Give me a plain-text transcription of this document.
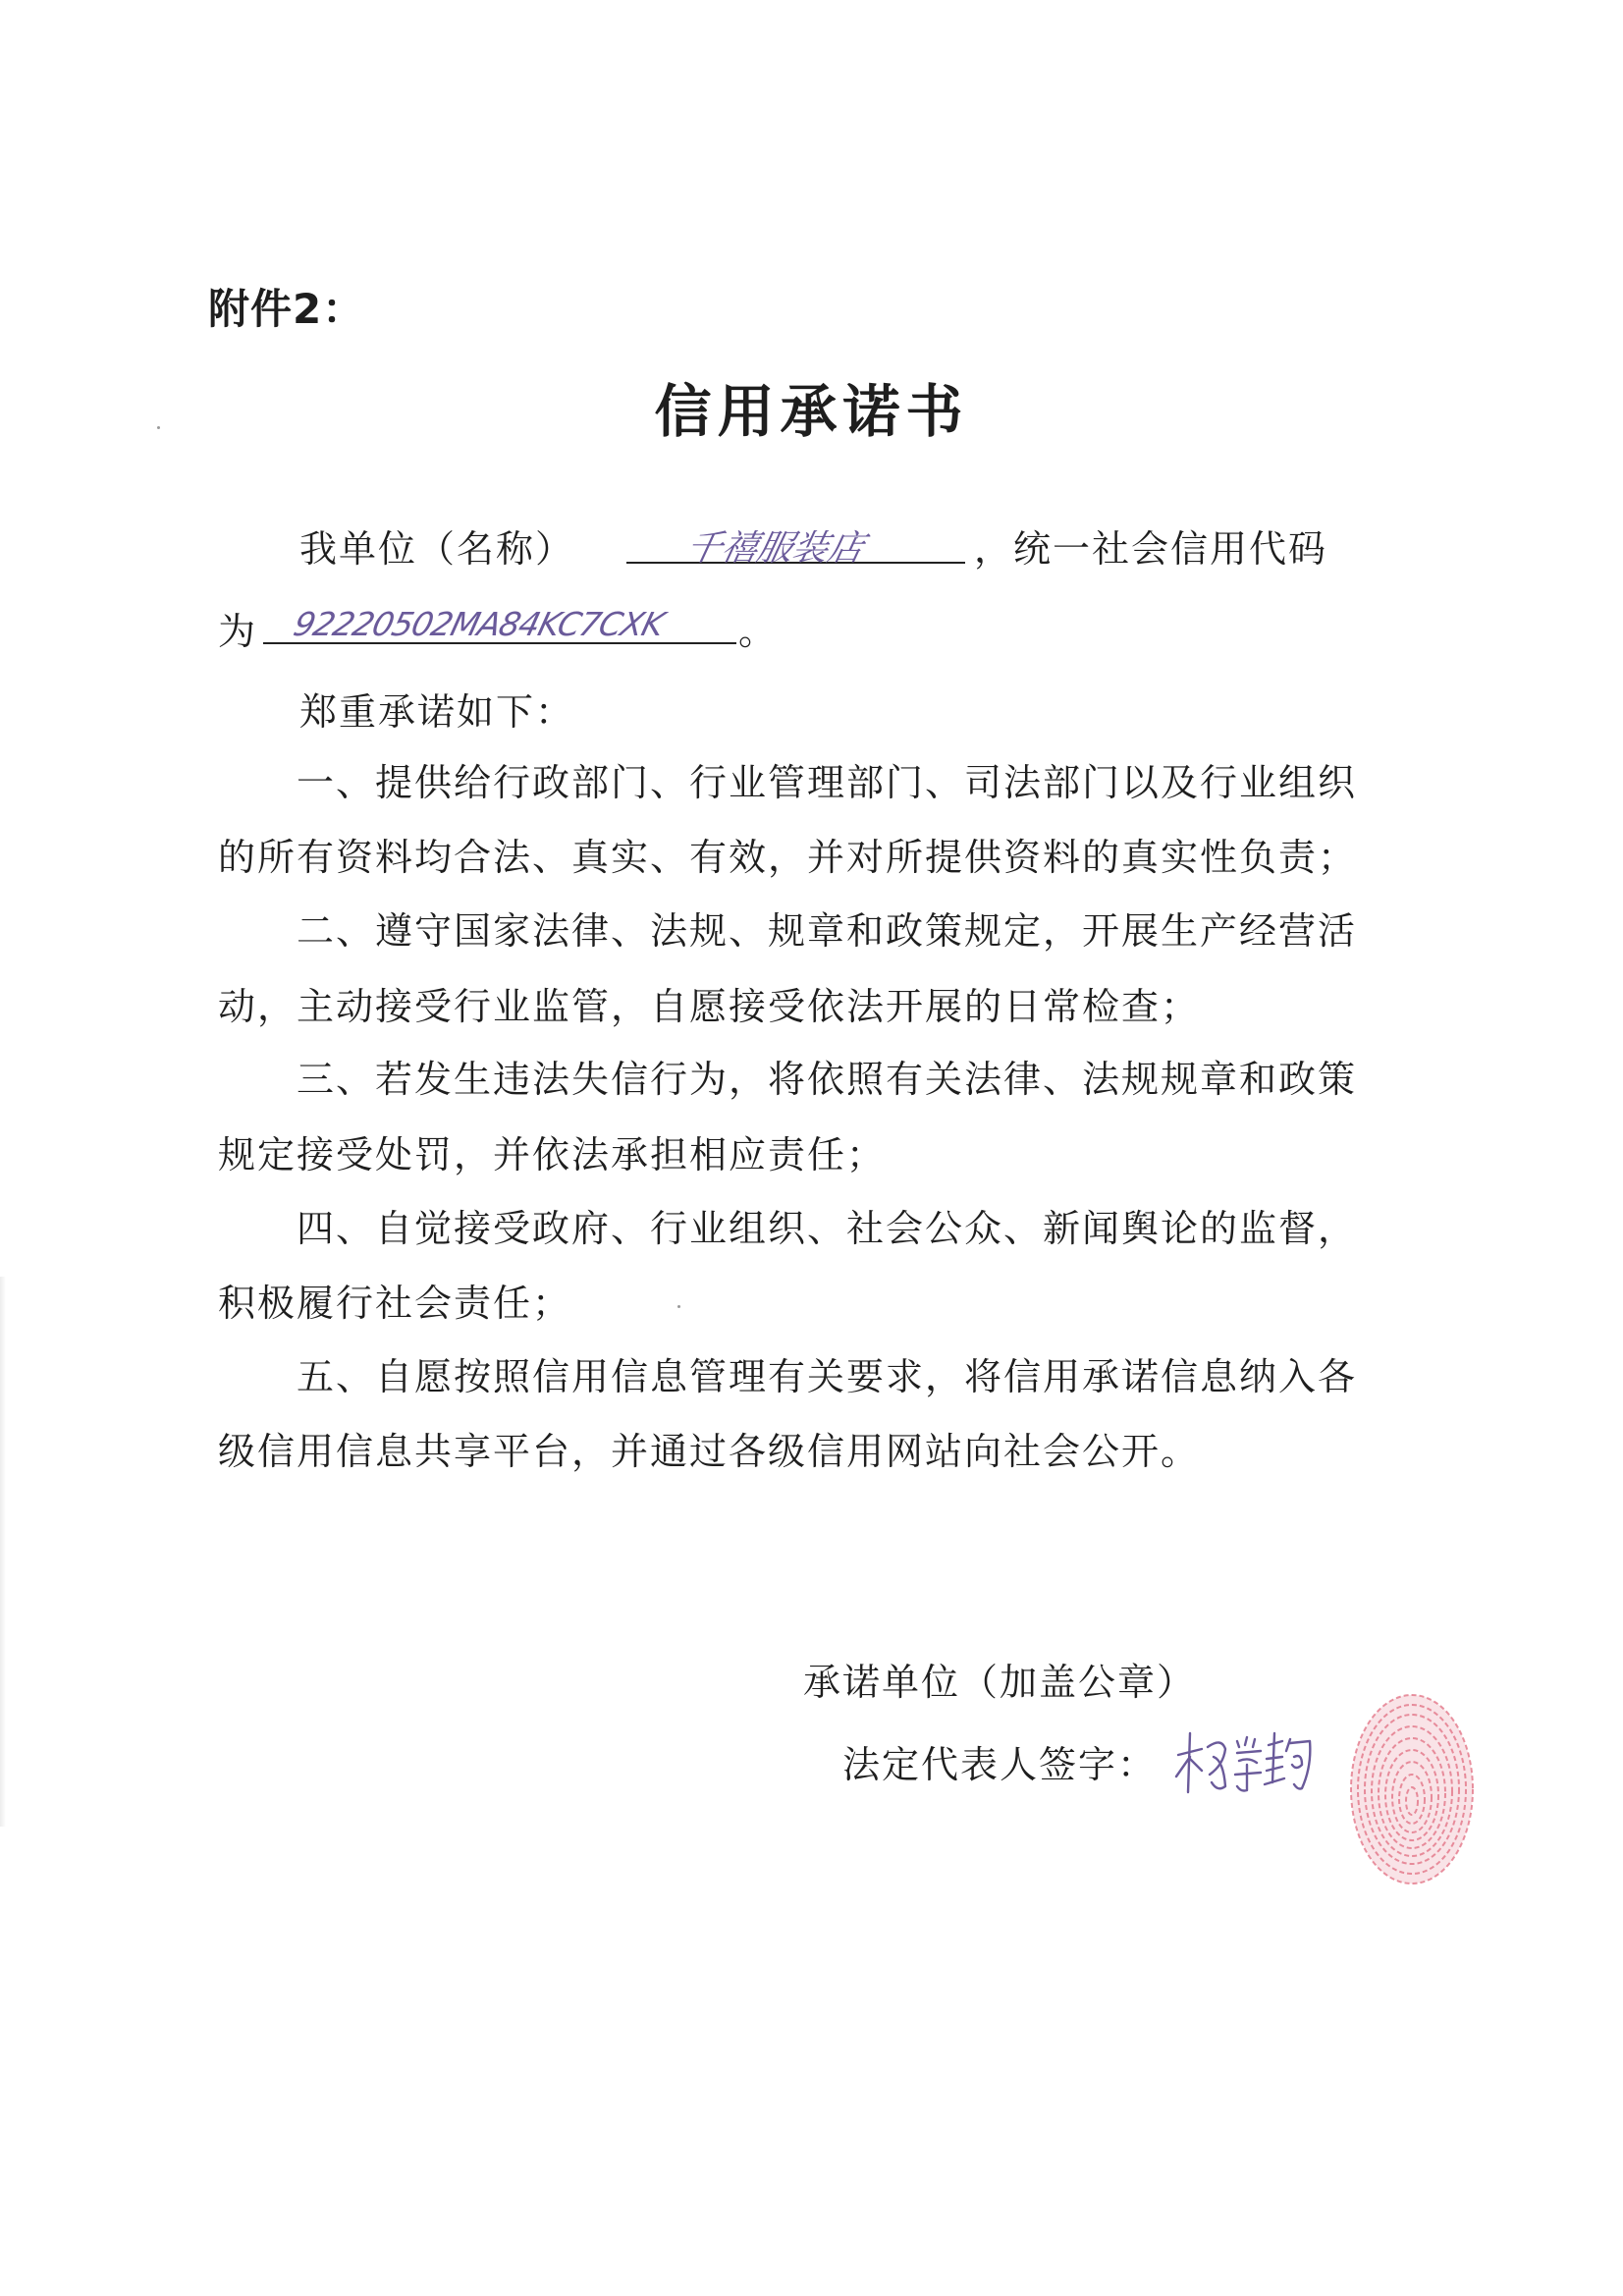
附件2：
信用承诺书
我单位（名称）	千禧服装店	，统一社会信用代码
为 92220502MA84KC7CXK 。
郑重承诺如下：
一、提供给行政部门、行业管理部门、司法部门以及行业组织
的所有资料均合法、真实、有效，并对所提供资料的真实性负责；
二、遵守国家法律、法规、规章和政策规定，开展生产经营活
动，主动接受行业监管，自愿接受依法开展的日常检查；
三、若发生违法失信行为，将依照有关法律、法规规章和政策
规定接受处罚，并依法承担相应责任；
四、自觉接受政府、行业组织、社会公众、新闻舆论的监督，
积极履行社会责任；
五、自愿按照信用信息管理有关要求，将信用承诺信息纳入各
级信用信息共享平台，并通过各级信用网站向社会公开。
承诺单位（加盖公章）
法定代表人签字：
